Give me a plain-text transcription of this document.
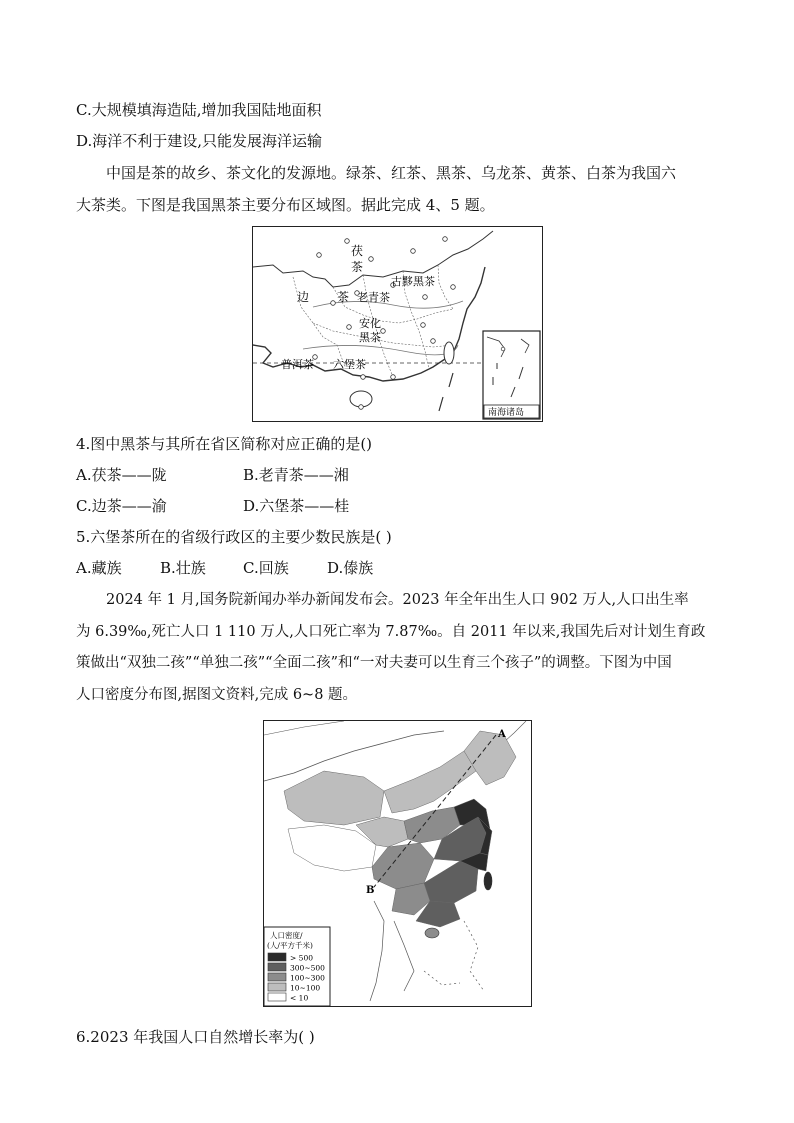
C.大规模填海造陆,增加我国陆地面积
D.海洋不利于建设,只能发展海洋运输
中国是茶的故乡、茶文化的发源地。绿茶、红茶、黑茶、乌龙茶、黄茶、白茶为我国六
大茶类。下图是我国黑茶主要分布区域图。据此完成 4、5 题。
茯
茶
边 茶 老青茶
古黟黑茶
安化
黑茶
普洱茶 六堡茶
南海诸岛
4.图中黑茶与其所在省区简称对应正确的是()
A.茯茶——陇	B.老青茶——湘
C.边茶——渝	D.六堡茶——桂
5.六堡茶所在的省级行政区的主要少数民族是( )
A.藏族	B.壮族 C.回族	D.傣族
2024 年 1 月,国务院新闻办举办新闻发布会。2023 年全年出生人口 902 万人,人口出生率
为 6.39‰,死亡人口 1 110 万人,人口死亡率为 7.87‰。自 2011 年以来,我国先后对计划生育政
策做出“双独二孩”“单独二孩”“全面二孩”和“一对夫妻可以生育三个孩子”的调整。下图为中国
人口密度分布图,据图文资料,完成 6~8 题。
A
B
人口密度/
(人/平方千米)
> 500
300~500
100~300
10~100
< 10
6.2023 年我国人口自然增长率为( )
